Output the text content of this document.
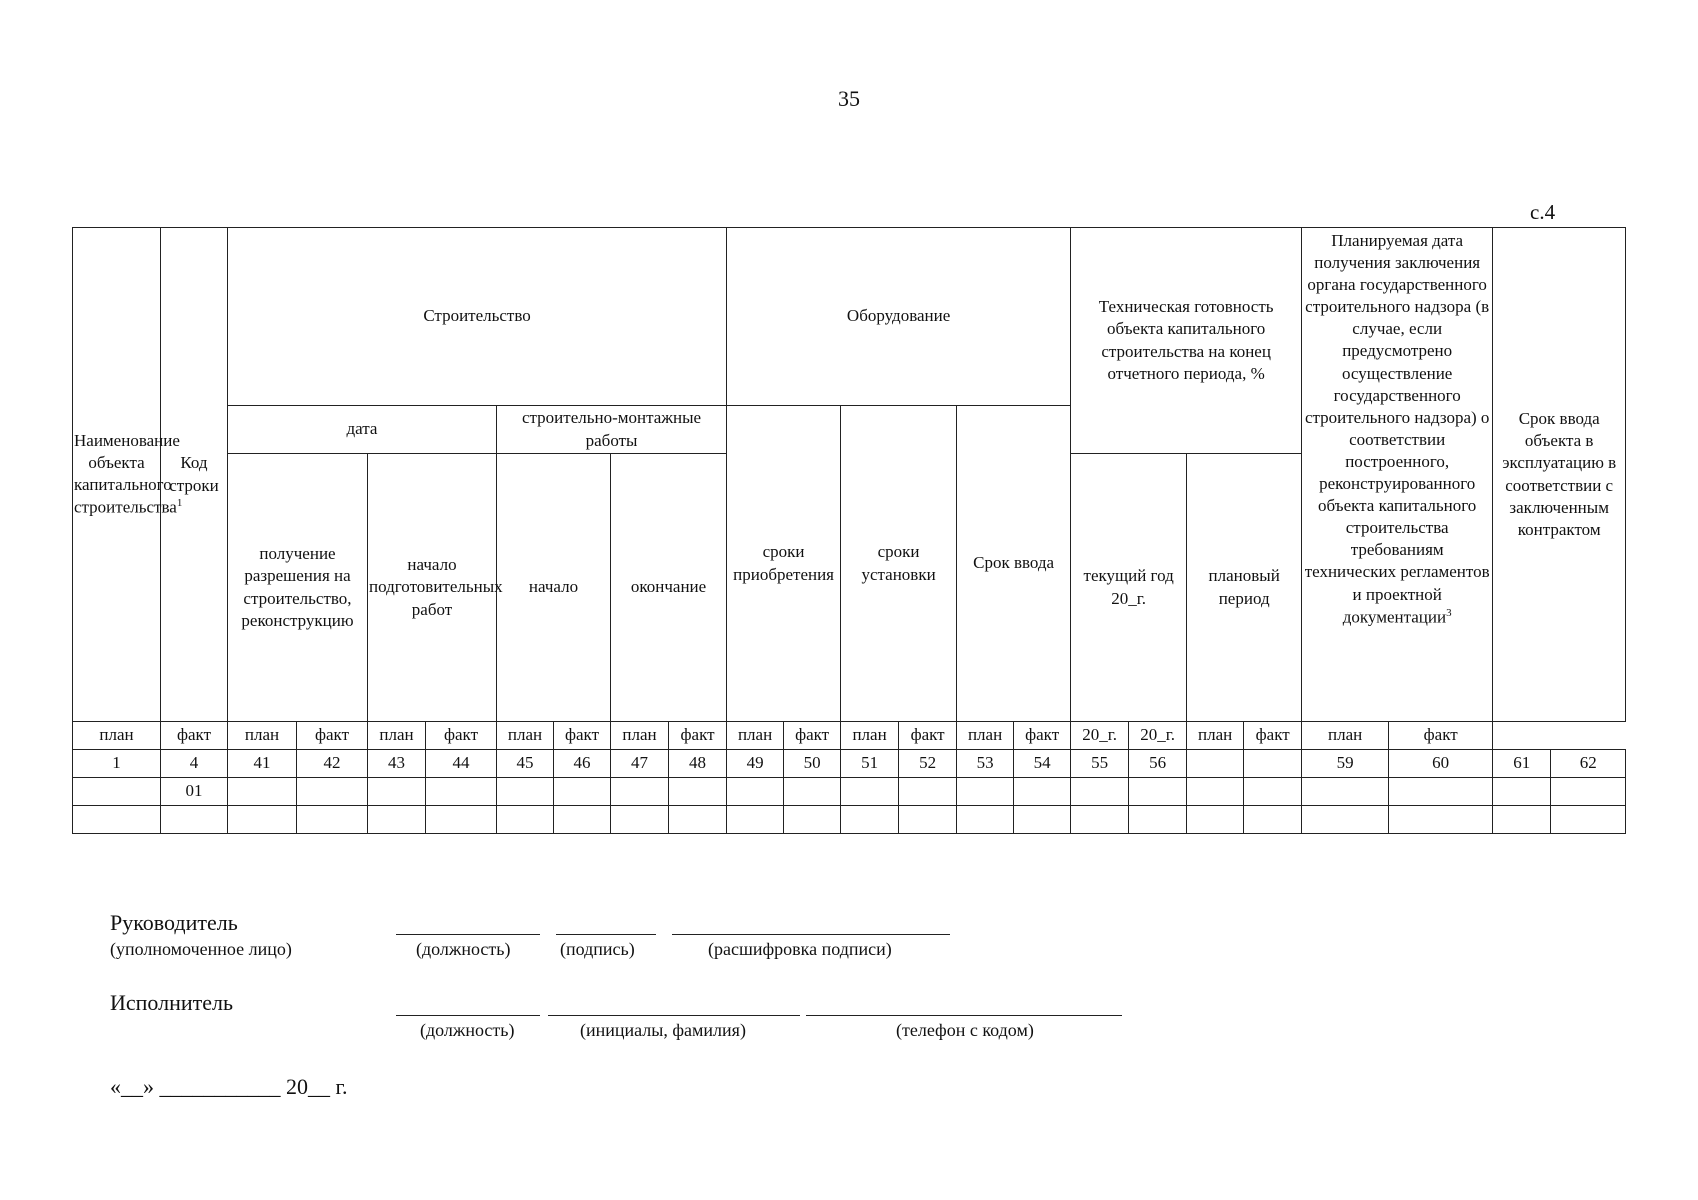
35
с.4
Наименование объекта капитального строительства$^1$	Код строки	Строительство								Оборудование						Техническая готовность объекта капитального строительства на конец отчетного периода, %				Планируемая дата получения заключения органа государственного строительного надзора (в случае, если предусмотрено осуществление государственного строительного надзора) о соответствии построенного, реконструированного объекта капитального строительства требованиям технических регламентов и проектной документации$^3$		Срок ввода объекта в эксплуатацию в соответствии с заключенным контрактом	
		дата				строительно-монтажные работы				сроки приобретения		сроки установки		Срок ввода									
		получение разрешения на строительство, реконструкцию		начало подготовительных работ		начало		окончание								текущий год 20_г.		плановый период					
план	факт	план	факт	план	факт	план	факт	план	факт	план	факт	план	факт	план	факт	20_г.	20_г.	план	факт	план	факт		
1	4	41	42	43	44	45	46	47	48	49	50	51	52	53	54	55	56			59	60	61	62
	01																						

Руководитель
(уполномоченное лицо)	(должность)	(подпись)	(расшифровка подписи)
Исполнитель
(должность)	(инициалы, фамилия)	(телефон с кодом)
«__» ___________ 20__ г.
